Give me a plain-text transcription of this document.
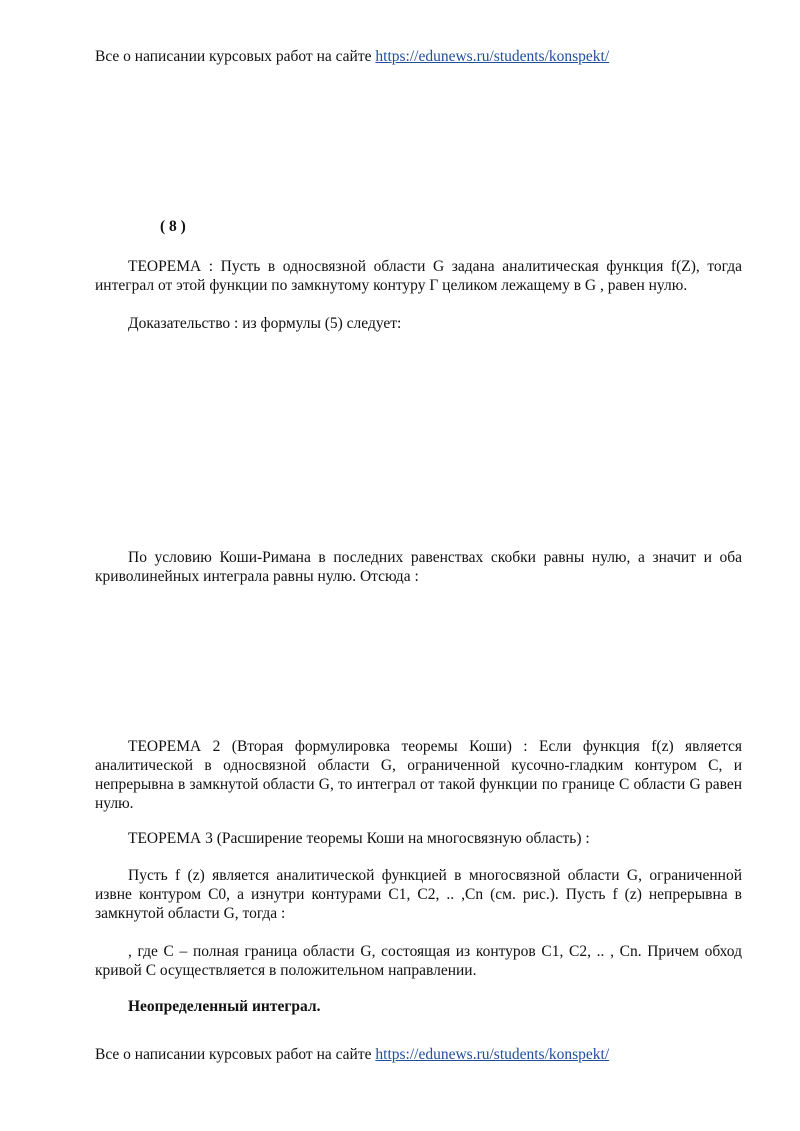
Все о написании курсовых работ на сайте https://edunews.ru/students/konspekt/
( 8 )

ТЕОРЕМА : Пусть в односвязной области G задана аналитическая функция f(Z), тогда интеграл от этой функции по замкнутому контуру Г целиком лежащему в G , равен нулю.

Доказательство : из формулы (5) следует:

По условию Коши-Римана в последних равенствах скобки равны нулю, а значит и оба криволинейных интеграла равны нулю. Отсюда :

ТЕОРЕМА 2 (Вторая формулировка теоремы Коши) : Если функция f(z) является аналитической в односвязной области G, ограниченной кусочно-гладким контуром С, и непрерывна в замкнутой области G, то интеграл от такой функции по границе С области G равен нулю.

ТЕОРЕМА 3 (Расширение теоремы Коши на многосвязную область) :

Пусть f (z) является аналитической функцией в многосвязной области G, ограниченной извне контуром C0, а изнутри контурами C1, C2, .. ,Cn (см. рис.). Пусть f (z) непрерывна в замкнутой области G, тогда :

, где C – полная граница области G, состоящая из контуров C1, C2, .. , Cn. Причем обход кривой C осуществляется в положительном направлении.

Неопределенный интеграл.
Все о написании курсовых работ на сайте https://edunews.ru/students/konspekt/
